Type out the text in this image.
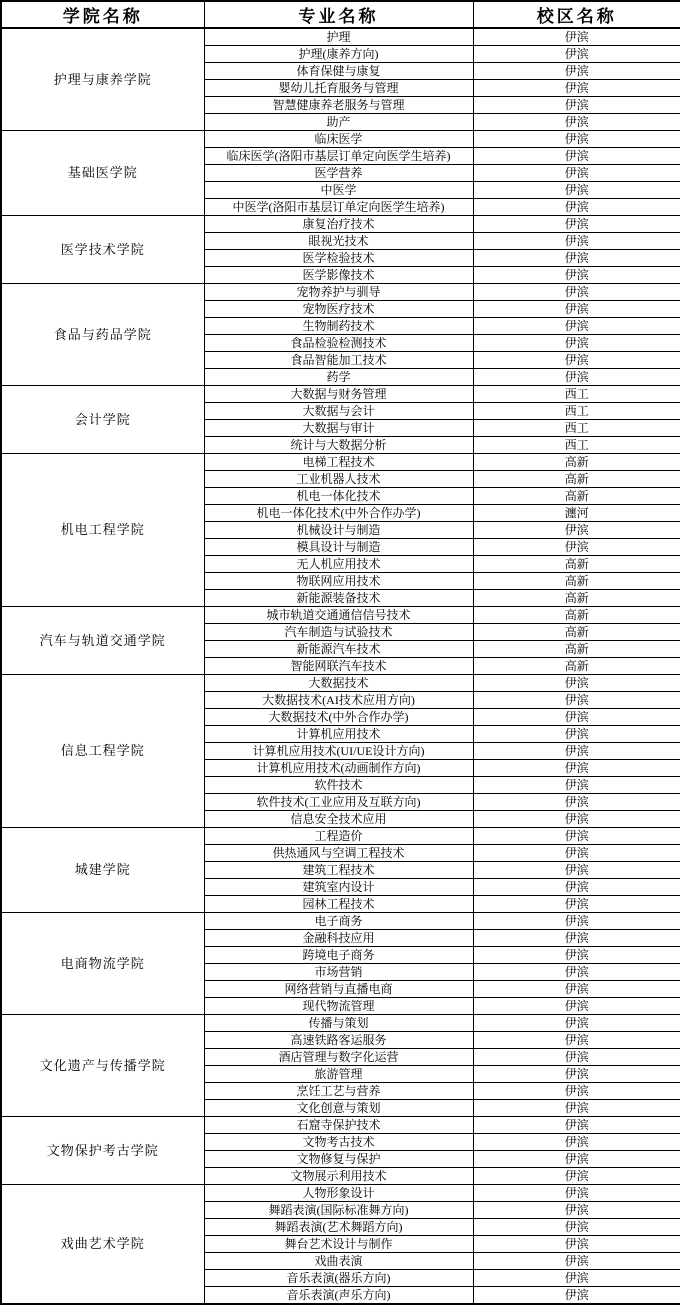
学院名称	专业名称	校区名称
护理与康养学院	护理	伊滨
	护理(康养方向)	伊滨
	体育保健与康复	伊滨
	婴幼儿托育服务与管理	伊滨
	智慧健康养老服务与管理	伊滨
	助产	伊滨
基础医学院	临床医学	伊滨
	临床医学(洛阳市基层订单定向医学生培养)	伊滨
	医学营养	伊滨
	中医学	伊滨
	中医学(洛阳市基层订单定向医学生培养)	伊滨
医学技术学院	康复治疗技术	伊滨
	眼视光技术	伊滨
	医学检验技术	伊滨
	医学影像技术	伊滨
食品与药品学院	宠物养护与驯导	伊滨
	宠物医疗技术	伊滨
	生物制药技术	伊滨
	食品检验检测技术	伊滨
	食品智能加工技术	伊滨
	药学	伊滨
会计学院	大数据与财务管理	西工
	大数据与会计	西工
	大数据与审计	西工
	统计与大数据分析	西工
机电工程学院	电梯工程技术	高新
	工业机器人技术	高新
	机电一体化技术	高新
	机电一体化技术(中外合作办学)	瀍河
	机械设计与制造	伊滨
	模具设计与制造	伊滨
	无人机应用技术	高新
	物联网应用技术	高新
	新能源装备技术	高新
汽车与轨道交通学院	城市轨道交通通信信号技术	高新
	汽车制造与试验技术	高新
	新能源汽车技术	高新
	智能网联汽车技术	高新
信息工程学院	大数据技术	伊滨
	大数据技术(AI技术应用方向)	伊滨
	大数据技术(中外合作办学)	伊滨
	计算机应用技术	伊滨
	计算机应用技术(UI/UE设计方向)	伊滨
	计算机应用技术(动画制作方向)	伊滨
	软件技术	伊滨
	软件技术(工业应用及互联方向)	伊滨
	信息安全技术应用	伊滨
城建学院	工程造价	伊滨
	供热通风与空调工程技术	伊滨
	建筑工程技术	伊滨
	建筑室内设计	伊滨
	园林工程技术	伊滨
电商物流学院	电子商务	伊滨
	金融科技应用	伊滨
	跨境电子商务	伊滨
	市场营销	伊滨
	网络营销与直播电商	伊滨
	现代物流管理	伊滨
文化遗产与传播学院	传播与策划	伊滨
	高速铁路客运服务	伊滨
	酒店管理与数字化运营	伊滨
	旅游管理	伊滨
	烹饪工艺与营养	伊滨
	文化创意与策划	伊滨
文物保护考古学院	石窟寺保护技术	伊滨
	文物考古技术	伊滨
	文物修复与保护	伊滨
	文物展示利用技术	伊滨
戏曲艺术学院	人物形象设计	伊滨
	舞蹈表演(国际标准舞方向)	伊滨
	舞蹈表演(艺术舞蹈方向)	伊滨
	舞台艺术设计与制作	伊滨
	戏曲表演	伊滨
	音乐表演(器乐方向)	伊滨
	音乐表演(声乐方向)	伊滨
